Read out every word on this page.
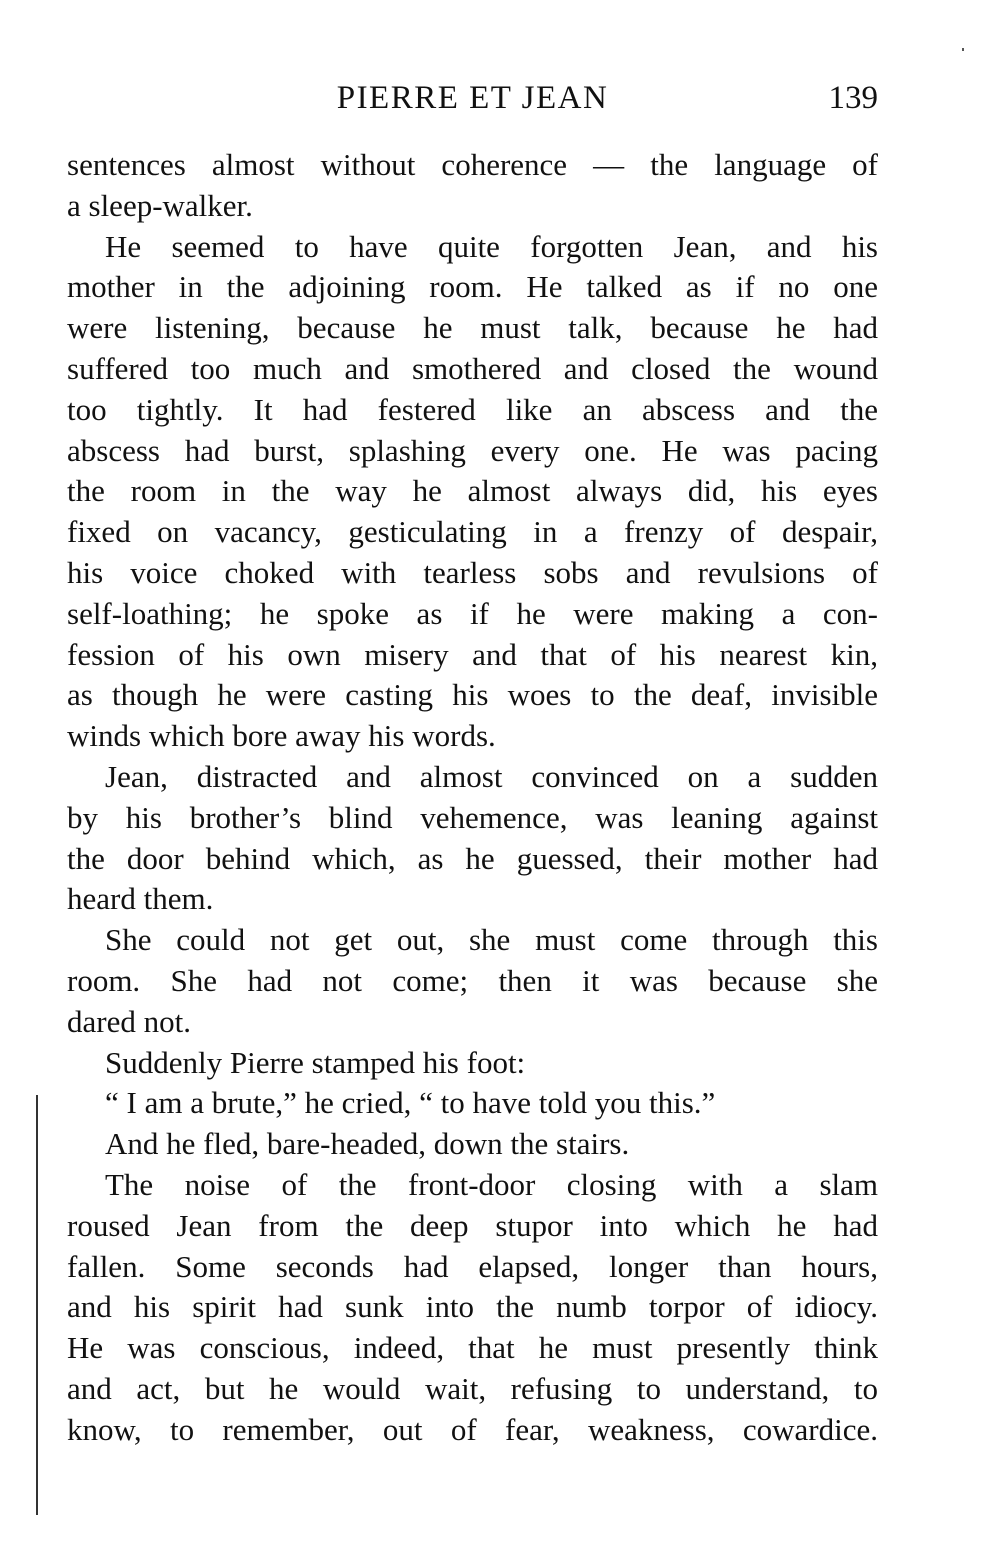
PIERRE ET JEAN	139
sentences almost without coherence — the language of
a sleep-walker.
He seemed to have quite forgotten Jean, and his
mother in the adjoining room. He talked as if no one
were listening, because he must talk, because he had
suffered too much and smothered and closed the wound
too tightly. It had festered like an abscess and the
abscess had burst, splashing every one. He was pacing
the room in the way he almost always did, his eyes
fixed on vacancy, gesticulating in a frenzy of despair,
his voice choked with tearless sobs and revulsions of
self-loathing; he spoke as if he were making a con-
fession of his own misery and that of his nearest kin,
as though he were casting his woes to the deaf, invisible
winds which bore away his words.
Jean, distracted and almost convinced on a sudden
by his brother’s blind vehemence, was leaning against
the door behind which, as he guessed, their mother had
heard them.
She could not get out, she must come through this
room. She had not come; then it was because she
dared not.
Suddenly Pierre stamped his foot:
“ I am a brute,” he cried, “ to have told you this.”
And he fled, bare-headed, down the stairs.
The noise of the front-door closing with a slam
roused Jean from the deep stupor into which he had
fallen. Some seconds had elapsed, longer than hours,
and his spirit had sunk into the numb torpor of idiocy.
He was conscious, indeed, that he must presently think
and act, but he would wait, refusing to understand, to
know, to remember, out of fear, weakness, cowardice.
